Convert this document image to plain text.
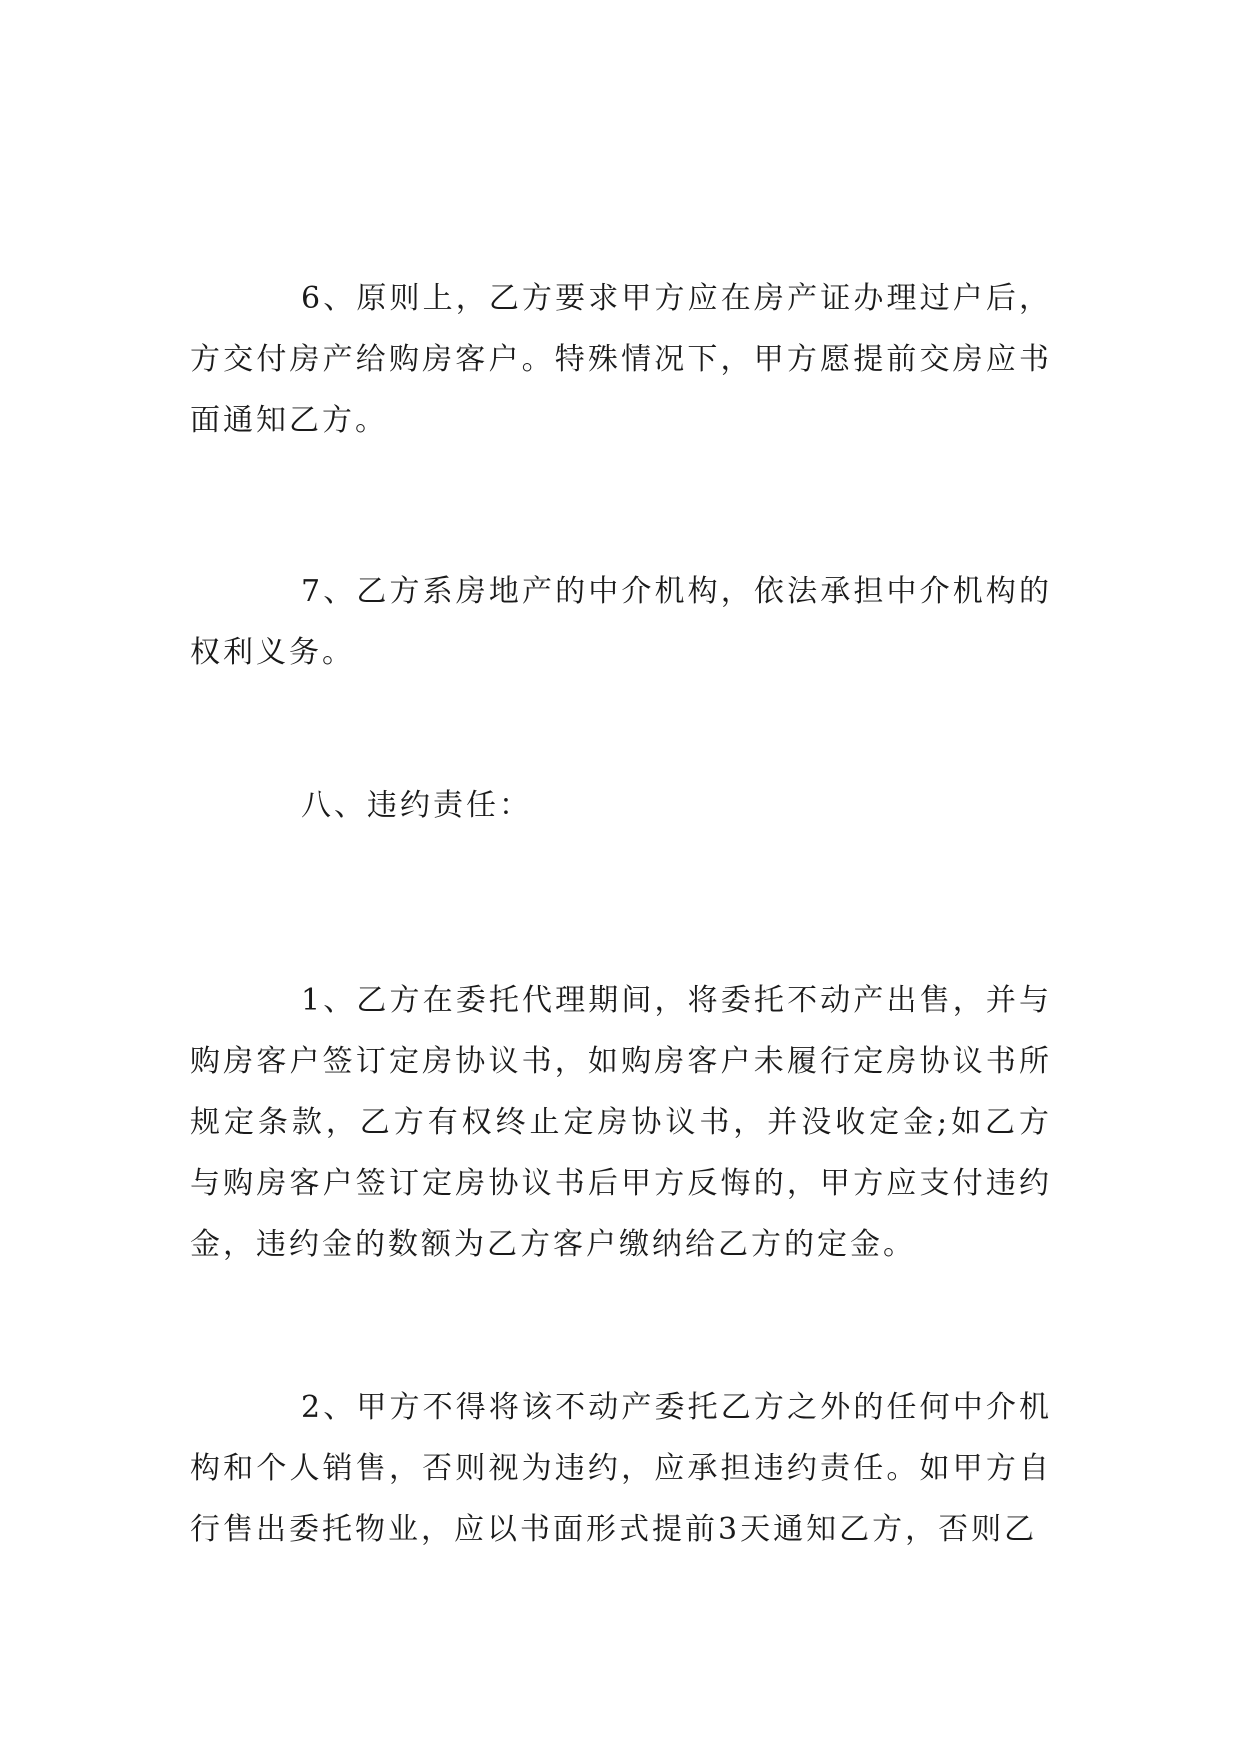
6、原则上，乙方要求甲方应在房产证办理过户后，方交付房产给购房客户。特殊情况下，甲方愿提前交房应书面通知乙方。

7、乙方系房地产的中介机构，依法承担中介机构的权利义务。

八、违约责任：

1、乙方在委托代理期间，将委托不动产出售，并与购房客户签订定房协议书，如购房客户未履行定房协议书所规定条款，乙方有权终止定房协议书，并没收定金;如乙方与购房客户签订定房协议书后甲方反悔的，甲方应支付违约金，违约金的数额为乙方客户缴纳给乙方的定金。

2、甲方不得将该不动产委托乙方之外的任何中介机构和个人销售，否则视为违约，应承担违约责任。如甲方自行售出委托物业，应以书面形式提前3天通知乙方，否则乙
